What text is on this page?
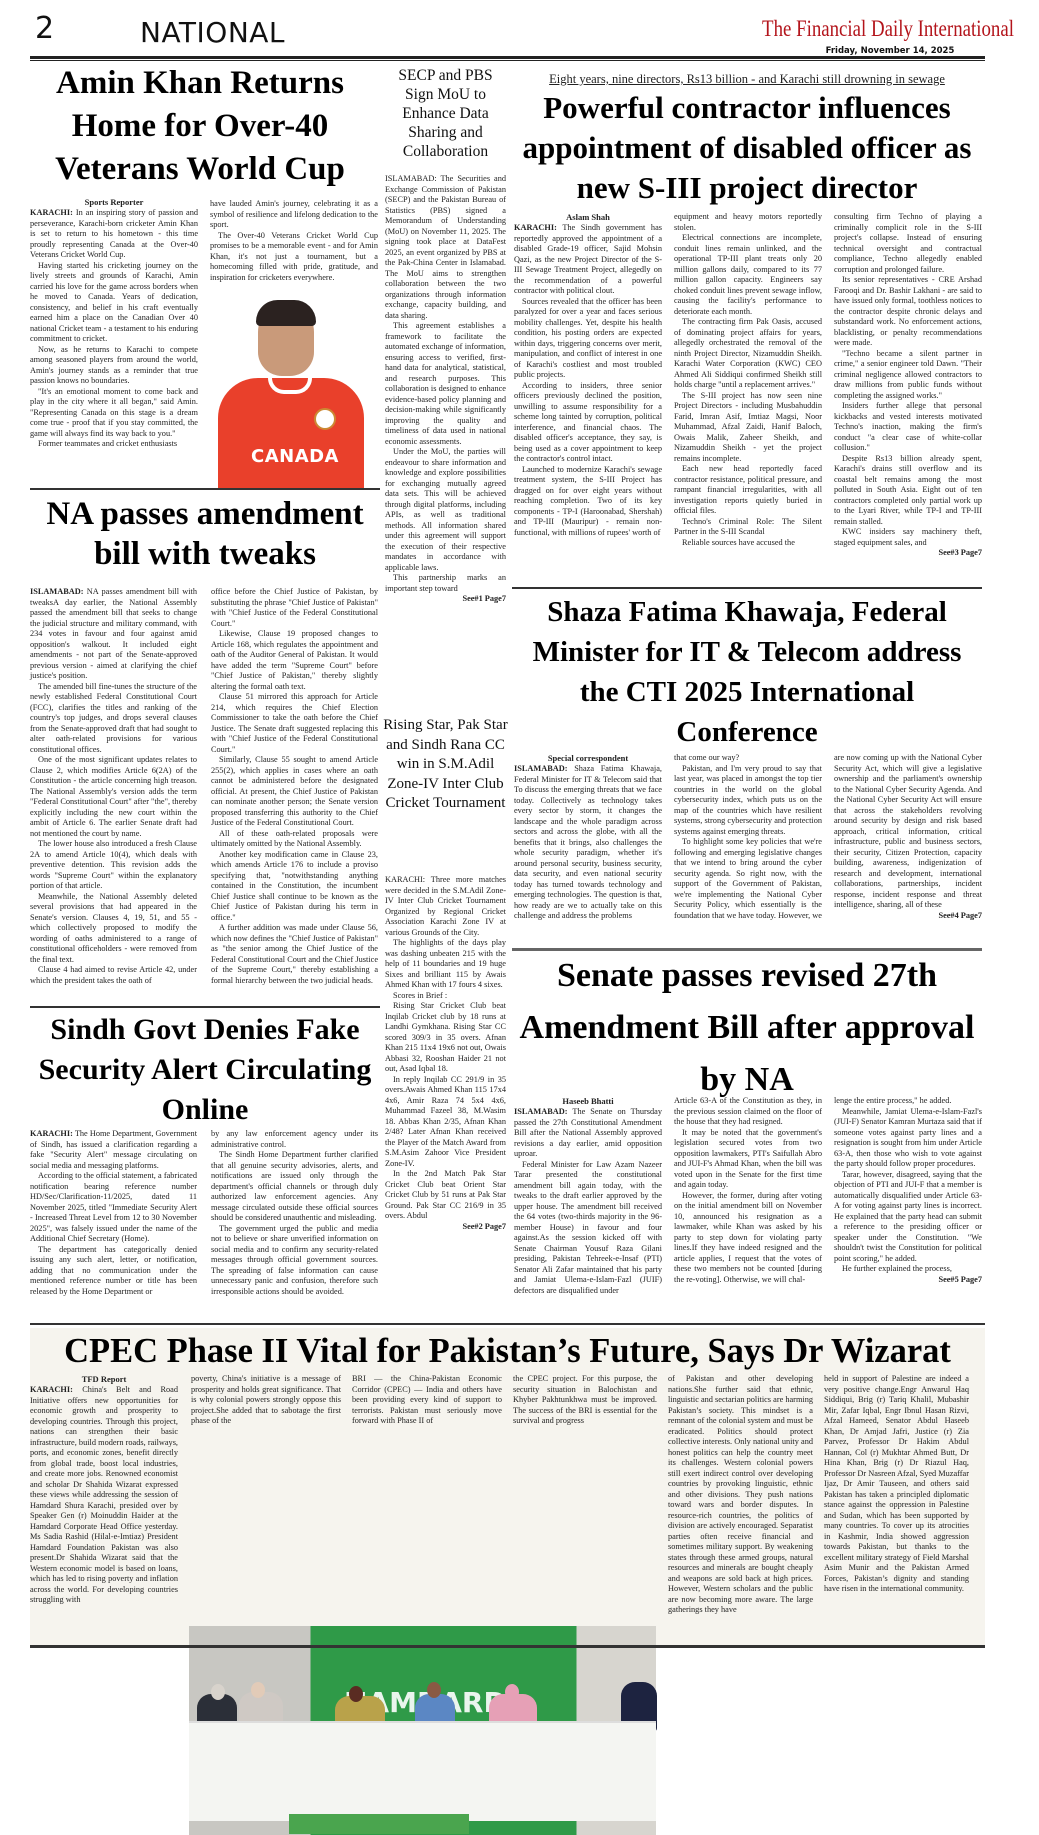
2	NATIONAL	The Financial Daily International
Friday, November 14, 2025
Amin Khan Returns Home for Over-40 Veterans World Cup
Sports Reporter

KARACHI: In an inspiring story of passion and perseverance, Karachi-born cricketer Amin Khan is set to return to his hometown - this time proudly representing Canada at the Over-40 Veterans Cricket World Cup.

Having started his cricketing journey on the lively streets and grounds of Karachi, Amin carried his love for the game across borders when he moved to Canada. Years of dedication, consistency, and belief in his craft eventually earned him a place on the Canadian Over 40 national Cricket team - a testament to his enduring commitment to cricket.

Now, as he returns to Karachi to compete among seasoned players from around the world, Amin's journey stands as a reminder that true passion knows no boundaries.

"It's an emotional moment to come back and play in the city where it all began," said Amin. "Representing Canada on this stage is a dream come true - proof that if you stay committed, the game will always find its way back to you."

Former teammates and cricket enthusiasts

have lauded Amin's journey, celebrating it as a symbol of resilience and lifelong dedication to the sport.

The Over-40 Veterans Cricket World Cup promises to be a memorable event - and for Amin Khan, it's not just a tournament, but a homecoming filled with pride, gratitude, and inspiration for cricketers everywhere.

CANADA
SECP and PBS Sign MoU to Enhance Data Sharing and Collaboration

ISLAMABAD: The Securities and Exchange Commission of Pakistan (SECP) and the Pakistan Bureau of Statistics (PBS) signed a Memorandum of Understanding (MoU) on November 11, 2025. The signing took place at DataFest 2025, an event organized by PBS at the Pak-China Center in Islamabad. The MoU aims to strengthen collaboration between the two organizations through information exchange, capacity building, and data sharing.

This agreement establishes a framework to facilitate the automated exchange of information, ensuring access to verified, first-hand data for analytical, statistical, and research purposes. This collaboration is designed to enhance evidence-based policy planning and decision-making while significantly improving the quality and timeliness of data used in national economic assessments.

Under the MoU, the parties will endeavour to share information and knowledge and explore possibilities for exchanging mutually agreed data sets. This will be achieved through digital platforms, including APIs, as well as traditional methods. All information shared under this agreement will support the execution of their respective mandates in accordance with applicable laws.

This partnership marks an important step toward

See#1 Page7
Rising Star, Pak Star and Sindh Rana CC win in S.M.Adil Zone-IV Inter Club Cricket Tournament

KARACHI: Three more matches were decided in the S.M.Adil Zone-IV Inter Club Cricket Tournament Organized by Regional Cricket Association Karachi Zone IV at various Grounds of the City.

The highlights of the days play was dashing unbeaten 215 with the help of 11 boundaries and 19 huge Sixes and brilliant 115 by Awais Ahmed Khan with 17 fours 4 sixes.

Scores in Brief :

Rising Star Cricket Club beat Inqilab Cricket club by 18 runs at Landhi Gymkhana. Rising Star CC scored 309/3 in 35 overs. Afnan Khan 215 11x4 19x6 not out, Owais Abbasi 32, Rooshan Haider 21 not out, Asad Iqbal 18.

In reply Inqilab CC 291/9 in 35 overs.Awais Ahmed Khan 115 17x4 4x6, Amir Raza 74 5x4 4x6, Muhammad Fazeel 38, M.Wasim 18. Abbas Khan 2/35, Afnan Khan 2/48? Later Afnan Khan received the Player of the Match Award from S.M.Asim Zahoor Vice President Zone-IV.

In the 2nd Match Pak Star Cricket Club beat Orient Star Cricket Club by 51 runs at Pak Star Ground. Pak Star CC 216/9 in 35 overs. Abdul

See#2 Page7
Eight years, nine directors, Rs13 billion - and Karachi still drowning in sewage
Powerful contractor influences appointment of disabled officer as new S-III project director
Aslam Shah

KARACHI: The Sindh government has reportedly approved the appointment of a disabled Grade-19 officer, Sajid Mohsin Qazi, as the new Project Director of the S-III Sewage Treatment Project, allegedly on the recommendation of a powerful contractor with political clout.

Sources revealed that the officer has been paralyzed for over a year and faces serious mobility challenges. Yet, despite his health condition, his posting orders are expected within days, triggering concerns over merit, manipulation, and conflict of interest in one of Karachi's costliest and most troubled public projects.

According to insiders, three senior officers previously declined the position, unwilling to assume responsibility for a scheme long tainted by corruption, political interference, and financial chaos. The disabled officer's acceptance, they say, is being used as a cover appointment to keep the contractor's control intact.

Launched to modernize Karachi's sewage treatment system, the S-III Project has dragged on for over eight years without reaching completion. Two of its key components - TP-I (Haroonabad, Shershah) and TP-III (Mauripur) - remain non-functional, with millions of rupees' worth of

equipment and heavy motors reportedly stolen.

Electrical connections are incomplete, conduit lines remain unlinked, and the operational TP-III plant treats only 20 million gallons daily, compared to its 77 million gallon capacity. Engineers say choked conduit lines prevent sewage inflow, causing the facility's performance to deteriorate each month.

The contracting firm Pak Oasis, accused of dominating project affairs for years, allegedly orchestrated the removal of the ninth Project Director, Nizamuddin Sheikh. Karachi Water Corporation (KWC) CEO Ahmed Ali Siddiqui confirmed Sheikh still holds charge "until a replacement arrives."

The S-III project has now seen nine Project Directors - including Musbahuddin Farid, Imran Asif, Imtiaz Magsi, Noor Muhammad, Afzal Zaidi, Hanif Baloch, Owais Malik, Zaheer Sheikh, and Nizamuddin Sheikh - yet the project remains incomplete.

Each new head reportedly faced contractor resistance, political pressure, and rampant financial irregularities, with all investigation reports quietly buried in official files.

Techno's Criminal Role: The Silent Partner in the S-III Scandal

Reliable sources have accused the

consulting firm Techno of playing a criminally complicit role in the S-III project's collapse. Instead of ensuring technical oversight and contractual compliance, Techno allegedly enabled corruption and prolonged failure.

Its senior representatives - CRE Arshad Farooqi and Dr. Bashir Lakhani - are said to have issued only formal, toothless notices to the contractor despite chronic delays and substandard work. No enforcement actions, blacklisting, or penalty recommendations were made.

"Techno became a silent partner in crime," a senior engineer told Dawn. "Their criminal negligence allowed contractors to draw millions from public funds without completing the assigned works."

Insiders further allege that personal kickbacks and vested interests motivated Techno's inaction, making the firm's conduct "a clear case of white-collar collusion."

Despite Rs13 billion already spent, Karachi's drains still overflow and its coastal belt remains among the most polluted in South Asia. Eight out of ten contractors completed only partial work up to the Lyari River, while TP-I and TP-III remain stalled.

KWC insiders say machinery theft, staged equipment sales, and

See#3 Page7
NA passes amendment bill with tweaks

ISLAMABAD: NA passes amendment bill with tweaksA day earlier, the National Assembly passed the amendment bill that seeks to change the judicial structure and military command, with 234 votes in favour and four against amid opposition's walkout. It included eight amendments - not part of the Senate-approved previous version - aimed at clarifying the chief justice's position.

The amended bill fine-tunes the structure of the newly established Federal Constitutional Court (FCC), clarifies the titles and ranking of the country's top judges, and drops several clauses from the Senate-approved draft that had sought to alter oath-related provisions for various constitutional offices.

One of the most significant updates relates to Clause 2, which modifies Article 6(2A) of the Constitution - the article concerning high treason. The National Assembly's version adds the term "Federal Constitutional Court" after "the", thereby explicitly including the new court within the ambit of Article 6. The earlier Senate draft had not mentioned the court by name.

The lower house also introduced a fresh Clause 2A to amend Article 10(4), which deals with preventive detention. This revision adds the words "Supreme Court" within the explanatory portion of that article.

Meanwhile, the National Assembly deleted several provisions that had appeared in the Senate's version. Clauses 4, 19, 51, and 55 - which collectively proposed to modify the wording of oaths administered to a range of constitutional officeholders - were removed from the final text.

Clause 4 had aimed to revise Article 42, under which the president takes the oath of

office before the Chief Justice of Pakistan, by substituting the phrase "Chief Justice of Pakistan" with "Chief Justice of the Federal Constitutional Court."

Likewise, Clause 19 proposed changes to Article 168, which regulates the appointment and oath of the Auditor General of Pakistan. It would have added the term "Supreme Court" before "Chief Justice of Pakistan," thereby slightly altering the formal oath text.

Clause 51 mirrored this approach for Article 214, which requires the Chief Election Commissioner to take the oath before the Chief Justice. The Senate draft suggested replacing this with "Chief Justice of the Federal Constitutional Court."

Similarly, Clause 55 sought to amend Article 255(2), which applies in cases where an oath cannot be administered before the designated official. At present, the Chief Justice of Pakistan can nominate another person; the Senate version proposed transferring this authority to the Chief Justice of the Federal Constitutional Court.

All of these oath-related proposals were ultimately omitted by the National Assembly.

Another key modification came in Clause 23, which amends Article 176 to include a proviso specifying that, "notwithstanding anything contained in the Constitution, the incumbent Chief Justice shall continue to be known as the Chief Justice of Pakistan during his term in office."

A further addition was made under Clause 56, which now defines the "Chief Justice of Pakistan" as "the senior among the Chief Justice of the Federal Constitutional Court and the Chief Justice of the Supreme Court," thereby establishing a formal hierarchy between the two judicial heads.

Shaza Fatima Khawaja, Federal Minister for IT & Telecom address the CTI 2025 International Conference
Special correspondent

ISLAMABAD: Shaza Fatima Khawaja, Federal Minister for IT & Telecom said that To discuss the emerging threats that we face today. Collectively as technology takes every sector by storm, it changes the landscape and the whole paradigm across sectors and across the globe, with all the benefits that it brings, also challenges the whole security paradigm, whether it's around personal security, business security, data security, and even national security today has turned towards technology and emerging technologies. The question is that, how ready are we to actually take on this challenge and address the problems

that come our way?

Pakistan, and I'm very proud to say that last year, was placed in amongst the top tier countries in the world on the global cybersecurity index, which puts us on the map of the countries which have resilient systems, strong cybersecurity and protection systems against emerging threats.

To highlight some key policies that we're following and emerging legislative changes that we intend to bring around the cyber security agenda. So right now, with the support of the Government of Pakistan, we're implementing the National Cyber Security Policy, which essentially is the foundation that we have today. However, we

are now coming up with the National Cyber Security Act, which will give a legislative ownership and the parliament's ownership to the National Cyber Security Agenda. And the National Cyber Security Act will ensure that across the stakeholders revolving around security by design and risk based approach, critical information, critical infrastructure, public and business sectors, their security, Citizen Protection, capacity building, awareness, indigenization of research and development, international collaborations, partnerships, incident response, incident response and threat intelligence, sharing, all of these

See#4 Page7
Sindh Govt Denies Fake Security Alert Circulating Online

KARACHI: The Home Department, Government of Sindh, has issued a clarification regarding a fake "Security Alert" message circulating on social media and messaging platforms.

According to the official statement, a fabricated notification bearing reference number HD/Sec/Clarification-11/2025, dated 11 November 2025, titled "Immediate Security Alert - Increased Threat Level from 12 to 30 November 2025", was falsely issued under the name of the Additional Chief Secretary (Home).

The department has categorically denied issuing any such alert, letter, or notification, adding that no communication under the mentioned reference number or title has been released by the Home Department or

by any law enforcement agency under its administrative control.

The Sindh Home Department further clarified that all genuine security advisories, alerts, and notifications are issued only through the department's official channels or through duly authorized law enforcement agencies. Any message circulated outside these official sources should be considered unauthentic and misleading.

The government urged the public and media not to believe or share unverified information on social media and to confirm any security-related messages through official government sources. The spreading of false information can cause unnecessary panic and confusion, therefore such irresponsible actions should be avoided.

Senate passes revised 27th Amendment Bill after approval by NA
Haseeb Bhatti

ISLAMABAD: The Senate on Thursday passed the 27th Constitutional Amendment Bill after the National Assembly approved revisions a day earlier, amid opposition uproar.

Federal Minister for Law Azam Nazeer Tarar presented the constitutional amendment bill again today, with the tweaks to the draft earlier approved by the upper house. The amendment bill received the 64 votes (two-thirds majority in the 96-member House) in favour and four against.As the session kicked off with Senate Chairman Yousuf Raza Gilani presiding, Pakistan Tehreek-e-Insaf (PTI) Senator Ali Zafar maintained that his party and Jamiat Ulema-e-Islam-Fazl (JUIF) defectors are disqualified under

Article 63-A of the Constitution as they, in the previous session claimed on the floor of the house that they had resigned.

It may be noted that the government's legislation secured votes from two opposition lawmakers, PTI's Saifullah Abro and JUI-F's Ahmad Khan, when the bill was voted upon in the Senate for the first time and again today.

However, the former, during after voting on the initial amendment bill on November 10, announced his resignation as a lawmaker, while Khan was asked by his party to step down for violating party lines.If they have indeed resigned and the article applies, I request that the votes of these two members not be counted [during the re-voting]. Otherwise, we will chal-

lenge the entire process," he added.

Meanwhile, Jamiat Ulema-e-Islam-Fazl's (JUI-F) Senator Kamran Murtaza said that if someone votes against party lines and a resignation is sought from him under Article 63-A, then those who wish to vote against the party should follow proper procedures.

Tarar, however, disagreed, saying that the objection of PTI and JUI-F that a member is automatically disqualified under Article 63-A for voting against party lines is incorrect. He explained that the party head can submit a reference to the presiding officer or speaker under the Constitution. "We shouldn't twist the Constitution for political point scoring," he added.

He further explained the process,

See#5 Page7
CPEC Phase II Vital for Pakistan’s Future, Says Dr Wizarat
TFD Report

KARACHI: China's Belt and Road Initiative offers new opportunities for economic growth and prosperity to developing countries. Through this project, nations can strengthen their basic infrastructure, build modern roads, railways, ports, and economic zones, benefit directly from global trade, boost local industries, and create more jobs. Renowned economist and scholar Dr Shahida Wizarat expressed these views while addressing the session of Hamdard Shura Karachi, presided over by Speaker Gen (r) Moinuddin Haider at the Hamdard Corporate Head Office yesterday. Ms Sadia Rashid (Hilal-e-Imtiaz) President Hamdard Foundation Pakistan was also present.Dr Shahida Wizarat said that the Western economic model is based on loans, which has led to rising poverty and inflation across the world. For developing countries struggling with

poverty, China's initiative is a message of prosperity and holds great significance. That is why colonial powers strongly oppose this project.She added that to sabotage the first phase of the

BRI — the China-Pakistan Economic Corridor (CPEC) — India and others have been providing every kind of support to terrorists. Pakistan must seriously move forward with Phase II of

the CPEC project. For this purpose, the security situation in Balochistan and Khyber Pakhtunkhwa must be improved. The success of the BRI is essential for the survival and progress

of Pakistan and other developing nations.She further said that ethnic, linguistic and sectarian politics are harming Pakistan’s society. This mindset is a remnant of the colonial system and must be eradicated. Politics should protect collective interests. Only national unity and honest politics can help the country meet its challenges. Western colonial powers still exert indirect control over developing countries by provoking linguistic, ethnic and other divisions. They push nations toward wars and border disputes. In resource-rich countries, the politics of division are actively encouraged. Separatist parties often receive financial and sometimes military support. By weakening states through these armed groups, natural resources and minerals are bought cheaply and weapons are sold back at high prices. However, Western scholars and the public are now becoming more aware. The large gatherings they have

held in support of Palestine are indeed a very positive change.Engr Anwarul Haq Siddiqui, Brig (r) Tariq Khalil, Mubashir Mir, Zafar Iqbal, Engr Ibnul Hasan Rizvi, Afzal Hameed, Senator Abdul Haseeb Khan, Dr Amjad Jafri, Justice (r) Zia Parvez, Professor Dr Hakim Abdul Hannan, Col (r) Mukhtar Ahmed Butt, Dr Hina Khan, Brig (r) Dr Riazul Haq, Professor Dr Nasreen Afzal, Syed Muzaffar Ijaz, Dr Amir Tauseen, and others said Pakistan has taken a principled diplomatic stance against the oppression in Palestine and Sudan, which has been supported by many countries. To cover up its atrocities in Kashmir, India showed aggression towards Pakistan, but thanks to the excellent military strategy of Field Marshal Asim Munir and the Pakistan Armed Forces, Pakistan’s dignity and standing have risen in the international community.
